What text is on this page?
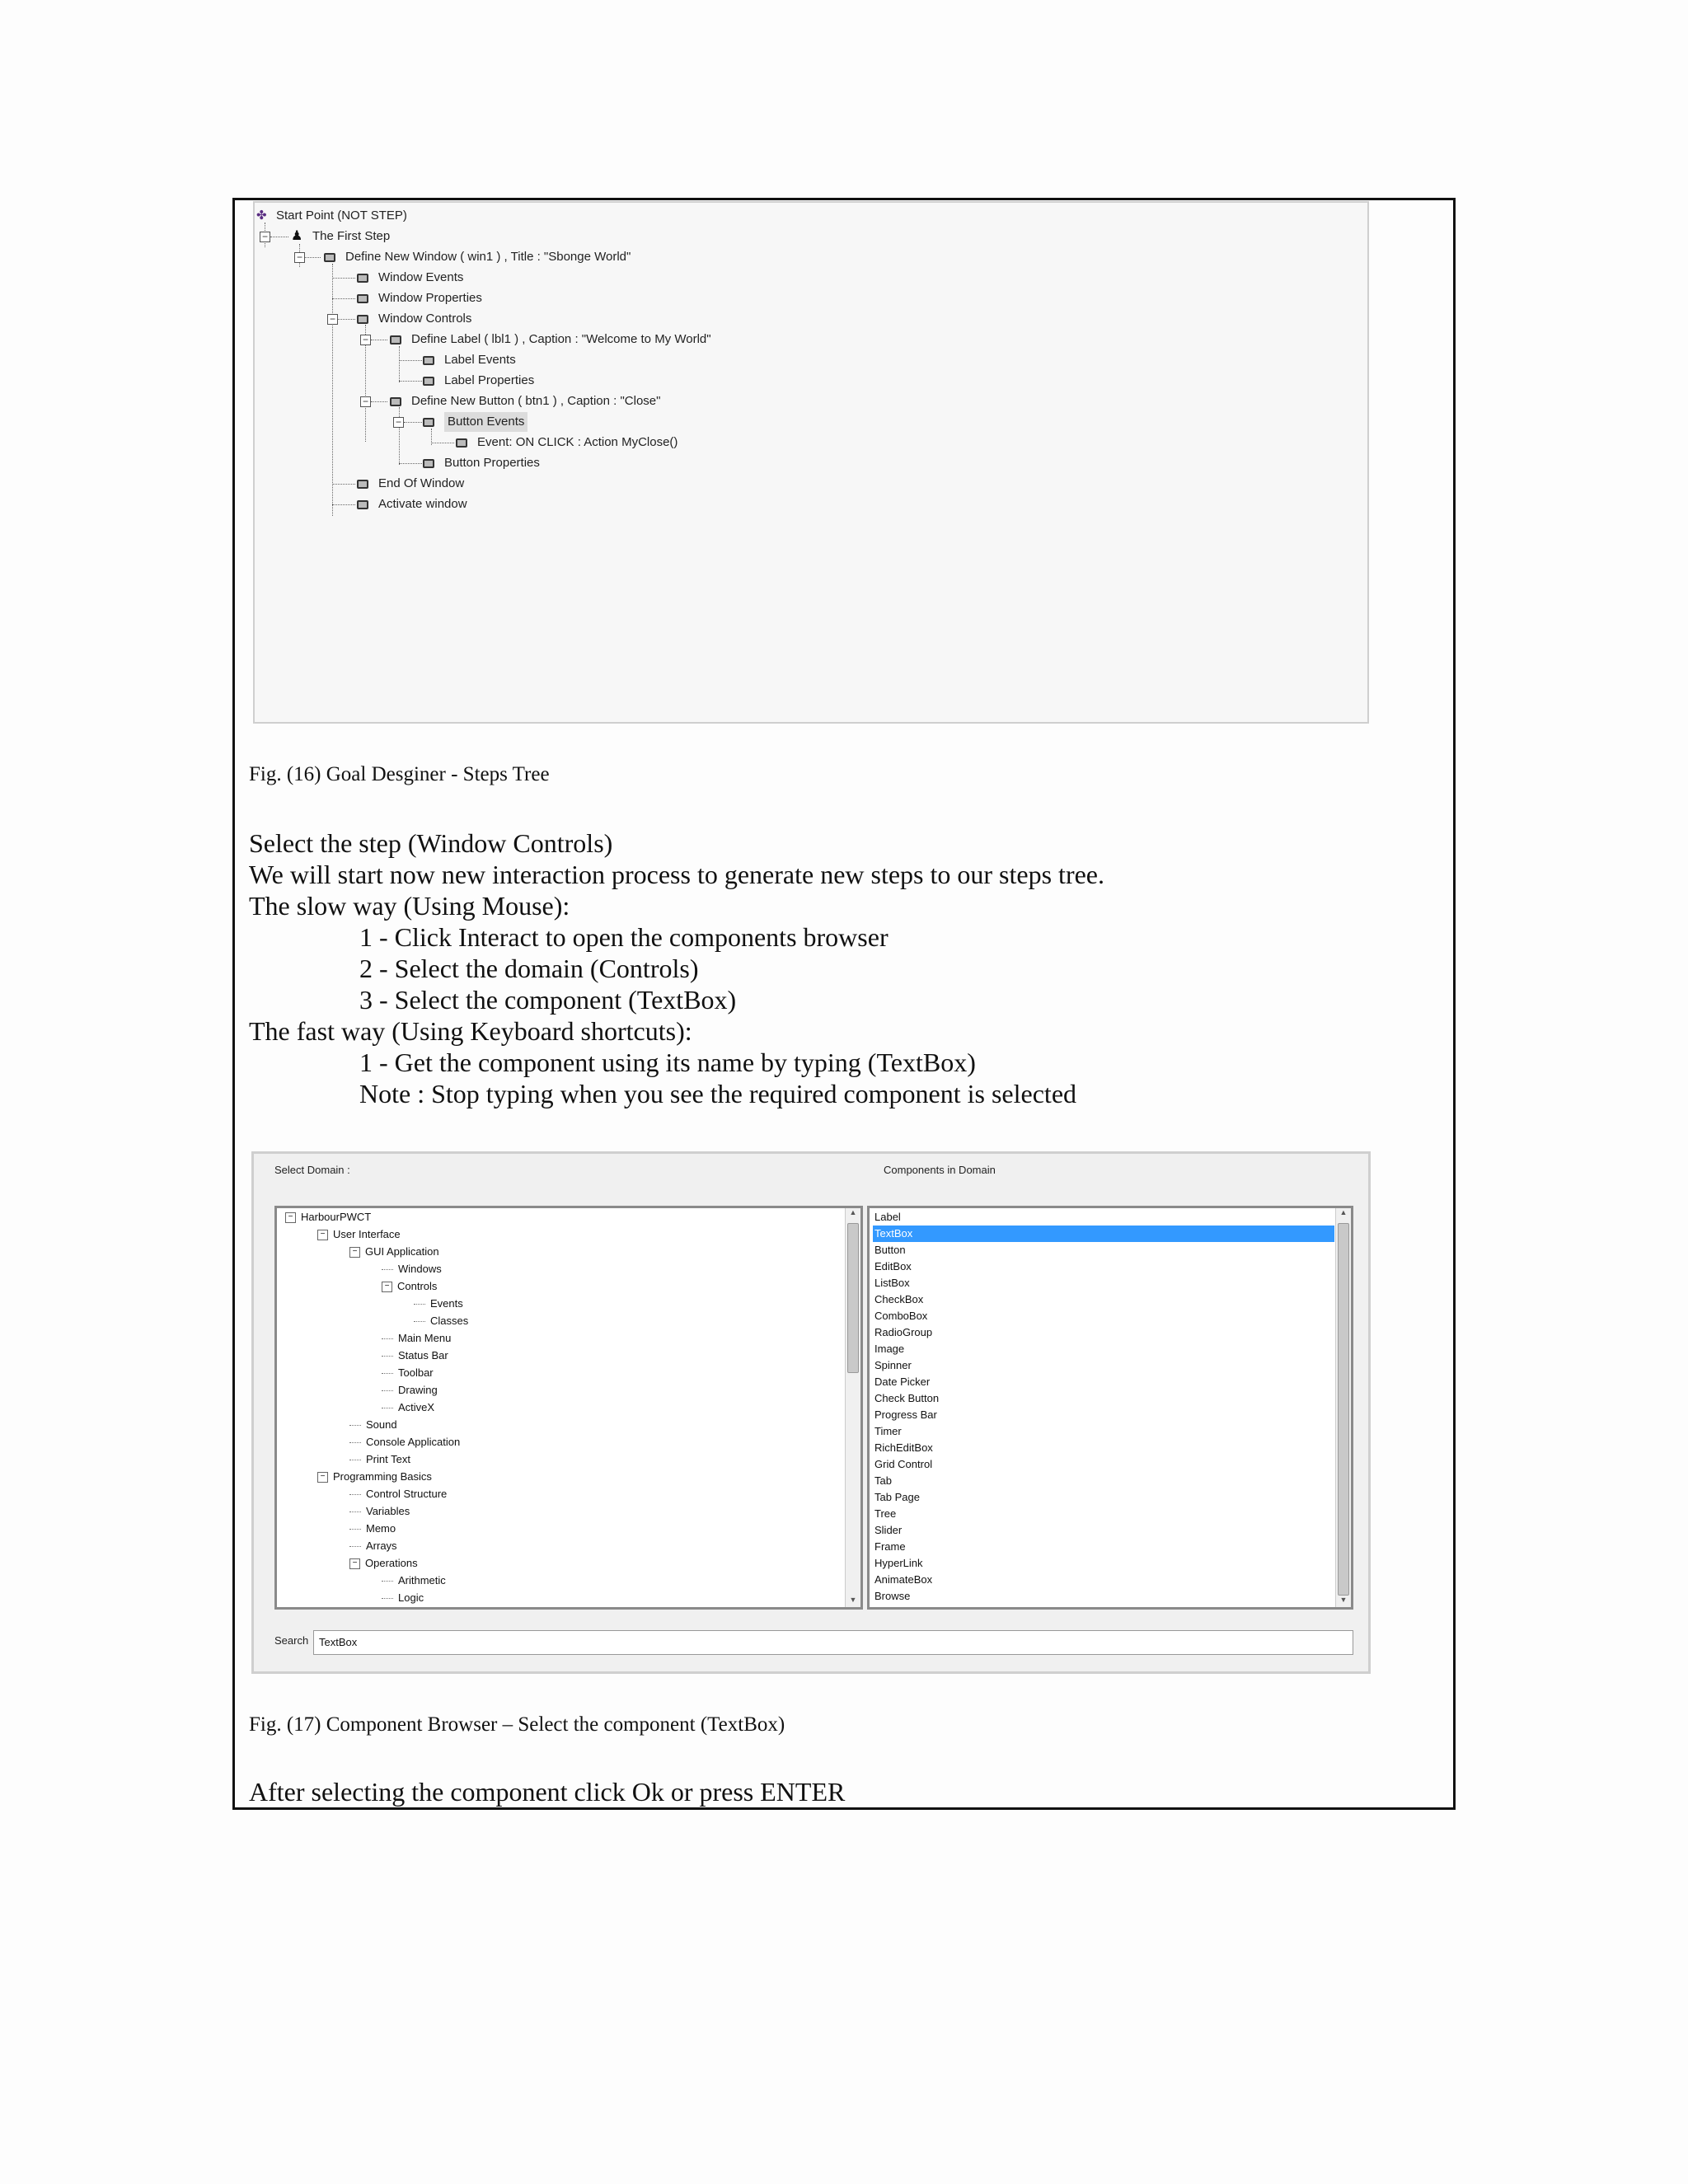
−
−
−
−
−
−
✤ Start Point (NOT STEP)
♟ The First Step
Define New Window ( win1 ) , Title : "Sbonge World"
Window Events
Window Properties
Window Controls
Define Label ( lbl1 ) , Caption : "Welcome to My World"
Label Events
Label Properties
Define New Button ( btn1 ) , Caption : "Close"
Button Events
Event: ON CLICK : Action MyClose()
Button Properties
End Of Window
Activate window
Fig. (16) Goal Desginer - Steps Tree
Select the step (Window Controls)
We will start now new interaction process to generate new steps to our steps tree.
The slow way (Using Mouse):
1 - Click Interact to open the components browser
2 - Select the domain (Controls)
3 - Select the component (TextBox)
The fast way (Using Keyboard shortcuts):
1 - Get the component using its name by typing (TextBox)
Note : Stop typing when you see the required component is selected
Select Domain :	Components in Domain
− HarbourPWCT
− User Interface
− GUI Application
Windows
− Controls
Events
Classes
Main Menu
Status Bar
Toolbar
Drawing
ActiveX
Sound
Console Application
Print Text
− Programming Basics
Control Structure
Variables
Memo
Arrays
− Operations
Arithmetic
Logic
▲
▼
Label
TextBox
Button
EditBox
ListBox
CheckBox
ComboBox
RadioGroup
Image
Spinner
Date Picker
Check Button
Progress Bar
Timer
RichEditBox
Grid Control
Tab
Tab Page
Tree
Slider
Frame
HyperLink
AnimateBox
Browse
▲
▼
Search TextBox
Fig. (17) Component Browser – Select the component (TextBox)
After selecting the component click Ok or press ENTER
